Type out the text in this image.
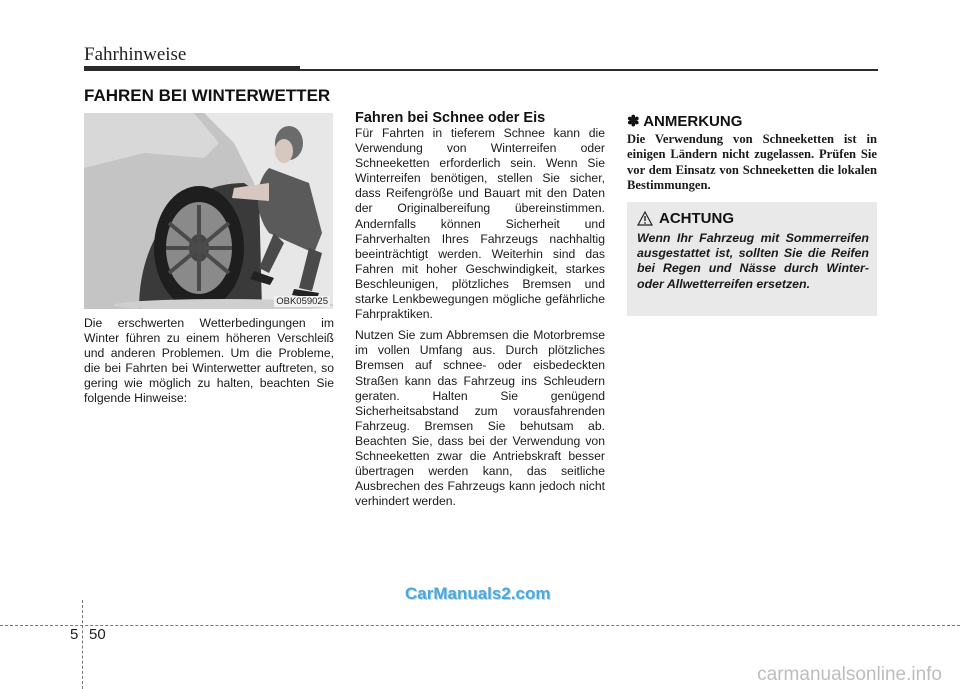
Fahrhinweise
FAHREN BEI WINTERWETTER
OBK059025

Die erschwerten Wetterbedingungen im Winter führen zu einem höheren Verschleiß und anderen Problemen. Um die Probleme, die bei Fahrten bei Winterwetter auftreten, so gering wie möglich zu halten, beachten Sie folgende Hinweise:

Fahren bei Schnee oder Eis

Für Fahrten in tieferem Schnee kann die Verwendung von Winterreifen oder Schneeketten erforderlich sein. Wenn Sie Winterreifen benötigen, stellen Sie sicher, dass Reifengröße und Bauart mit den Daten der Originalbereifung übereinstimmen. Andernfalls können Sicherheit und Fahrverhalten Ihres Fahrzeugs nachhaltig beeinträchtigt werden. Weiterhin sind das Fahren mit hoher Geschwindigkeit, starkes Beschleunigen, plötzliches Bremsen und starke Lenkbewegungen mögliche gefährliche Fahrpraktiken.

Nutzen Sie zum Abbremsen die Motorbremse im vollen Umfang aus. Durch plötzliches Bremsen auf schnee- oder eisbedeckten Straßen kann das Fahrzeug ins Schleudern geraten. Halten Sie genügend Sicherheitsabstand zum vorausfahrenden Fahrzeug. Bremsen Sie behutsam ab. Beachten Sie, dass bei der Verwendung von Schneeketten zwar die Antriebskraft besser übertragen werden kann, das seitliche Ausbrechen des Fahrzeugs kann jedoch nicht verhindert werden.

✽ ANMERKUNG
Die Verwendung von Schneeketten ist in einigen Ländern nicht zugelassen. Prüfen Sie vor dem Einsatz von Schneeketten die lokalen Bestimmungen.
ACHTUNG
Wenn Ihr Fahrzeug mit Sommerreifen ausgestattet ist, sollten Sie die Reifen bei Regen und Nässe durch Winter- oder Allwetterreifen ersetzen.
CarManuals2.com
5 50
carmanualsonline.info
